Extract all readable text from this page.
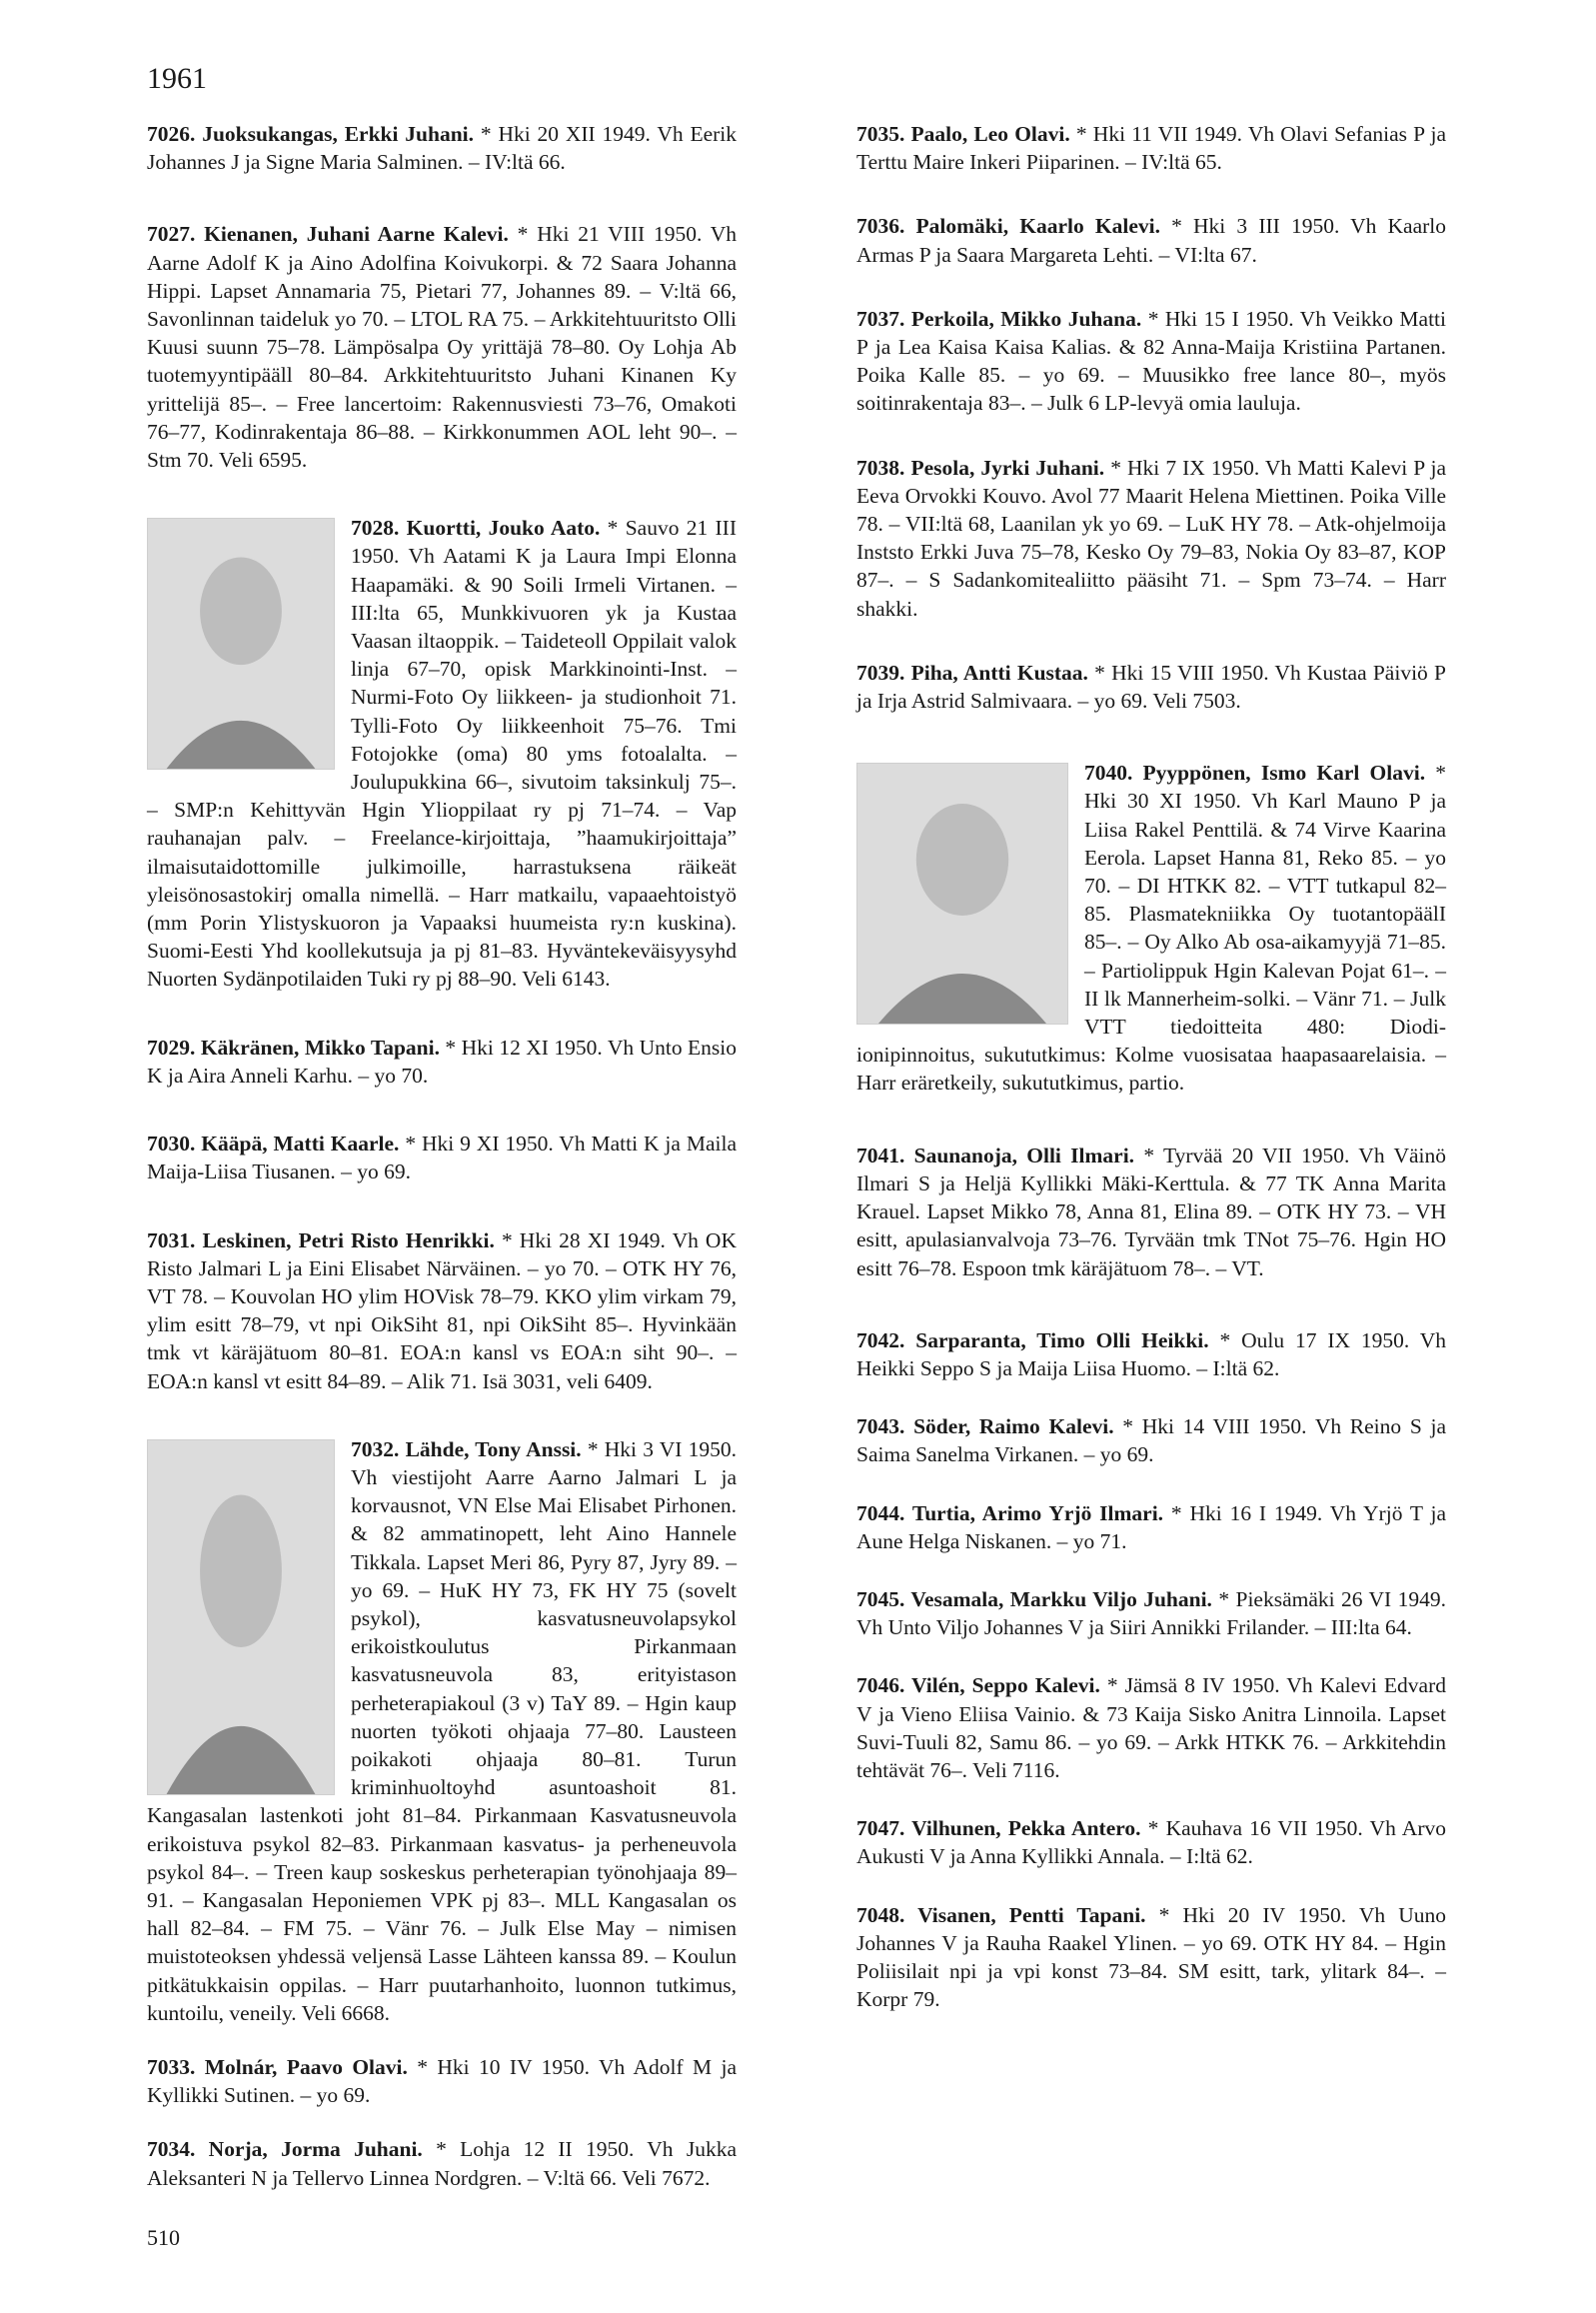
1961

7026. Juoksukangas, Erkki Juhani. * Hki 20 XII 1949. Vh Eerik Johannes J ja Signe Maria Salminen. – IV:ltä 66.

7027. Kienanen, Juhani Aarne Kalevi. * Hki 21 VIII 1950. Vh Aarne Adolf K ja Aino Adolfina Koivukorpi. & 72 Saara Johanna Hippi. Lapset Annamaria 75, Pietari 77, Johannes 89. – V:ltä 66, Savonlinnan taideluk yo 70. – LTOL RA 75. – Arkkitehtuuritsto Olli Kuusi suunn 75–78. Lämpösalpa Oy yrittäjä 78–80. Oy Lohja Ab tuotemyyntipääll 80–84. Arkkitehtuuritsto Juhani Kinanen Ky yrittelijä 85–. – Free lancertoim: Rakennusviesti 73–76, Omakoti 76–77, Kodinrakentaja 86–88. – Kirkkonummen AOL leht 90–. – Stm 70. Veli 6595.

7028. Kuortti, Jouko Aato.
* Sauvo 21 III 1950. Vh Aatami K ja Laura Impi Elonna Haapamäki. & 90 Soili Irmeli Virtanen. – III:lta 65, Munkkivuoren yk ja Kustaa Vaasan iltaoppik. – Taideteoll Oppilait valok linja 67–70, opisk Markkinointi-Inst. – Nurmi-Foto Oy liikkeen- ja studionhoit 71. Tylli-Foto Oy liikkeenhoit 75–76. Tmi Fotojokke (oma) 80 yms fotoalalta. – Joulupukkina 66–, sivutoim taksinkulj 75–. – SMP:n Kehittyvän Hgin Ylioppilaat ry pj 71–74. – Vap rauhanajan palv. – Freelance-kirjoittaja, ”haamukirjoittaja” ilmaisutaidottomille julkimoille, harrastuksena räikeät yleisönosastokirj omalla nimellä. – Harr matkailu, vapaaehtoistyö (mm Porin Ylistyskuoron ja Vapaaksi huumeista ry:n kuskina). Suomi-Eesti Yhd koollekutsuja ja pj 81–83. Hyväntekeväisyysyhd Nuorten Sydänpotilaiden Tuki ry pj 88–90. Veli 6143.

7029. Käkränen, Mikko Tapani. * Hki 12 XI 1950. Vh Unto Ensio K ja Aira Anneli Karhu. – yo 70.

7030. Kääpä, Matti Kaarle. * Hki 9 XI 1950. Vh Matti K ja Maila Maija-Liisa Tiusanen. – yo 69.

7031. Leskinen, Petri Risto Henrikki. * Hki 28 XI 1949. Vh OK Risto Jalmari L ja Eini Elisabet Närväinen. – yo 70. – OTK HY 76, VT 78. – Kouvolan HO ylim HOVisk 78–79. KKO ylim virkam 79, ylim esitt 78–79, vt npi OikSiht 81, npi OikSiht 85–. Hyvinkään tmk vt käräjätuom 80–81. EOA:n kansl vs EOA:n siht 90–. – EOA:n kansl vt esitt 84–89. – Alik 71. Isä 3031, veli 6409.

7032. Lähde, Tony Anssi.
* Hki 3 VI 1950. Vh viestijoht Aarre Aarno Jalmari L ja korvausnot, VN Else Mai Elisabet Pirhonen. & 82 ammatinopett, leht Aino Hannele Tikkala. Lapset Meri 86, Pyry 87, Jyry 89. – yo 69. – HuK HY 73, FK HY 75 (sovelt psykol), kasvatusneuvolapsykol erikoistkoulutus Pirkanmaan kasvatusneuvola 83, erityistason perheterapiakoul (3 v) TaY 89. – Hgin kaup nuorten työkoti ohjaaja 77–80. Lausteen poikakoti ohjaaja 80–81. Turun kriminhuoltoyhd asuntoashoit 81. Kangasalan lastenkoti joht 81–84. Pirkanmaan Kasvatusneuvola erikoistuva psykol 82–83. Pirkanmaan kasvatus- ja perheneuvola psykol 84–. – Treen kaup soskeskus perheterapian työnohjaaja 89–91. – Kangasalan Heponiemen VPK pj 83–. MLL Kangasalan os hall 82–84. – FM 75. – Vänr 76. – Julk Else May – nimisen muistoteoksen yhdessä veljensä Lasse Lähteen kanssa 89. – Koulun pitkätukkaisin oppilas. – Harr puutarhanhoito, luonnon tutkimus, kuntoilu, veneily. Veli 6668.

7033. Molnár, Paavo Olavi. * Hki 10 IV 1950. Vh Adolf M ja Kyllikki Sutinen. – yo 69.

7034. Norja, Jorma Juhani. * Lohja 12 II 1950. Vh Jukka Aleksanteri N ja Tellervo Linnea Nordgren. – V:ltä 66. Veli 7672.

7035. Paalo, Leo Olavi. * Hki 11 VII 1949. Vh Olavi Sefanias P ja Terttu Maire Inkeri Piiparinen. – IV:ltä 65.

7036. Palomäki, Kaarlo Kalevi. * Hki 3 III 1950. Vh Kaarlo Armas P ja Saara Margareta Lehti. – VI:lta 67.

7037. Perkoila, Mikko Juhana. * Hki 15 I 1950. Vh Veikko Matti P ja Lea Kaisa Kaisa Kalias. & 82 Anna-Maija Kristiina Partanen. Poika Kalle 85. – yo 69. – Muusikko free lance 80–, myös soitinrakentaja 83–. – Julk 6 LP-levyä omia lauluja.

7038. Pesola, Jyrki Juhani. * Hki 7 IX 1950. Vh Matti Kalevi P ja Eeva Orvokki Kouvo. Avol 77 Maarit Helena Miettinen. Poika Ville 78. – VII:ltä 68, Laanilan yk yo 69. – LuK HY 78. – Atk-ohjelmoija Inststo Erkki Juva 75–78, Kesko Oy 79–83, Nokia Oy 83–87, KOP 87–. – S Sadankomitealiitto pääsiht 71. – Spm 73–74. – Harr shakki.

7039. Piha, Antti Kustaa. * Hki 15 VIII 1950. Vh Kustaa Päiviö P ja Irja Astrid Salmivaara. – yo 69. Veli 7503.

7040. Pyyppönen, Ismo Karl Olavi.
* Hki 30 XI 1950. Vh Karl Mauno P ja Liisa Rakel Penttilä. & 74 Virve Kaarina Eerola. Lapset Hanna 81, Reko 85. – yo 70. – DI HTKK 82. – VTT tutkapul 82–85. Plasmatekniikka Oy tuotantopäälI 85–. – Oy Alko Ab osa-aikamyyjä 71–85. – Partiolippuk Hgin Kalevan Pojat 61–. – II lk Mannerheim-solki. – Vänr 71. – Julk VTT tiedoitteita 480: Diodi-ionipinnoitus, sukututkimus: Kolme vuosisataa haapasaarelaisia. – Harr eräretkeily, sukututkimus, partio.

7041. Saunanoja, Olli Ilmari. * Tyrvää 20 VII 1950. Vh Väinö Ilmari S ja Heljä Kyllikki Mäki-Kerttula. & 77 TK Anna Marita Krauel. Lapset Mikko 78, Anna 81, Elina 89. – OTK HY 73. – VH esitt, apulasianvalvoja 73–76. Tyrvään tmk TNot 75–76. Hgin HO esitt 76–78. Espoon tmk käräjätuom 78–. – VT.

7042. Sarparanta, Timo Olli Heikki. * Oulu 17 IX 1950. Vh Heikki Seppo S ja Maija Liisa Huomo. – I:ltä 62.

7043. Söder, Raimo Kalevi. * Hki 14 VIII 1950. Vh Reino S ja Saima Sanelma Virkanen. – yo 69.

7044. Turtia, Arimo Yrjö Ilmari. * Hki 16 I 1949. Vh Yrjö T ja Aune Helga Niskanen. – yo 71.

7045. Vesamala, Markku Viljo Juhani. * Pieksämäki 26 VI 1949. Vh Unto Viljo Johannes V ja Siiri Annikki Frilander. – III:lta 64.

7046. Vilén, Seppo Kalevi. * Jämsä 8 IV 1950. Vh Kalevi Edvard V ja Vieno Eliisa Vainio. & 73 Kaija Sisko Anitra Linnoila. Lapset Suvi-Tuuli 82, Samu 86. – yo 69. – Arkk HTKK 76. – Arkkitehdin tehtävät 76–. Veli 7116.

7047. Vilhunen, Pekka Antero. * Kauhava 16 VII 1950. Vh Arvo Aukusti V ja Anna Kyllikki Annala. – I:ltä 62.

7048. Visanen, Pentti Tapani. * Hki 20 IV 1950. Vh Uuno Johannes V ja Rauha Raakel Ylinen. – yo 69. OTK HY 84. – Hgin Poliisilait npi ja vpi konst 73–84. SM esitt, tark, ylitark 84–. – Korpr 79.

510
